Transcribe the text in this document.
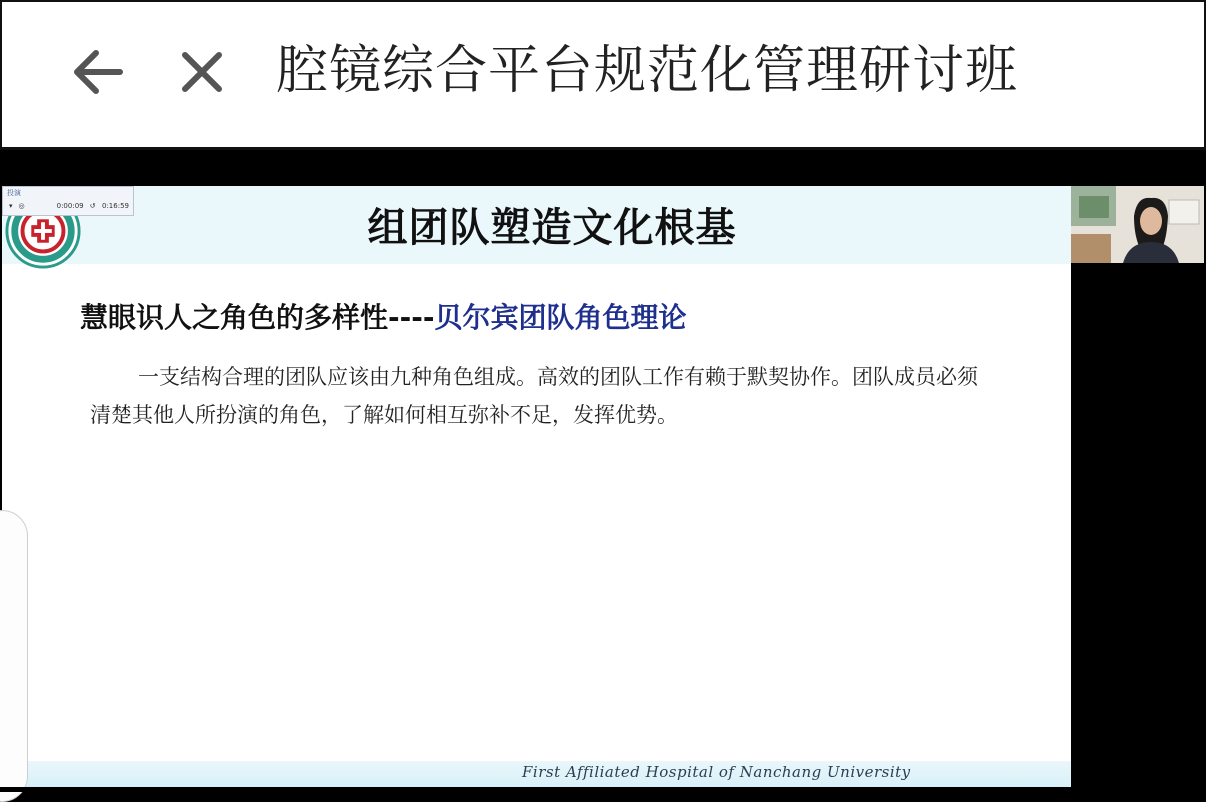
腔镜综合平台规范化管理研讨班
投演
▾ ◎	0:00:09 ↺ 0:16:59	组团队塑造文化根基
慧眼识人之角色的多样性----贝尔宾团队角色理论
一支结构合理的团队应该由九种角色组成。高效的团队工作有赖于默契协作。团队成员必须清楚其他人所扮演的角色，了解如何相互弥补不足，发挥优势。
First Affiliated Hospital of Nanchang University
